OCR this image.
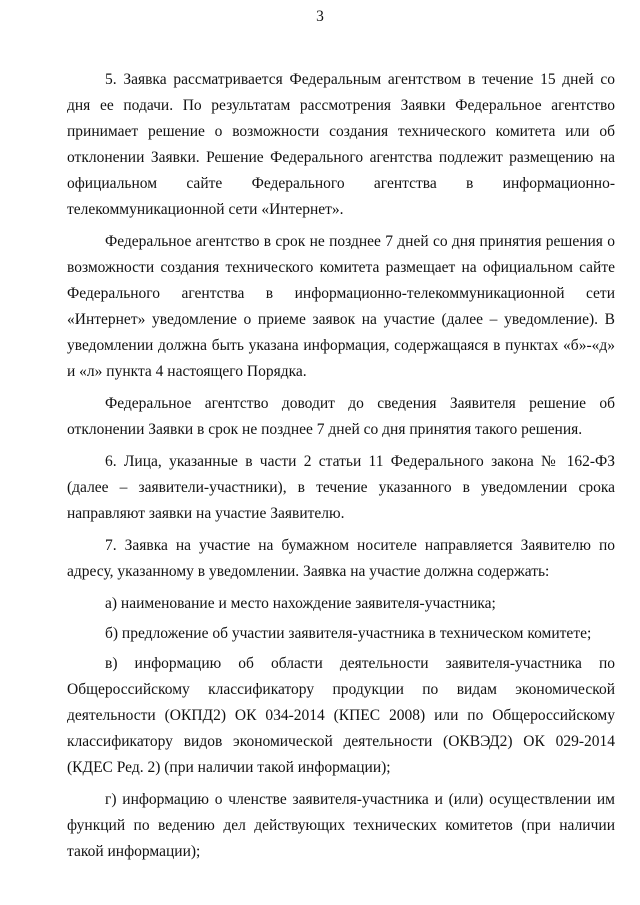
3

5. Заявка рассматривается Федеральным агентством в течение 15 дней со дня ее подачи. По результатам рассмотрения Заявки Федеральное агентство принимает решение о возможности создания технического комитета или об отклонении Заявки. Решение Федерального агентства подлежит размещению на официальном сайте Федерального агентства в информационно-телекоммуникационной сети «Интернет».

Федеральное агентство в срок не позднее 7 дней со дня принятия решения о возможности создания технического комитета размещает на официальном сайте Федерального агентства в информационно-телекоммуникационной сети «Интернет» уведомление о приеме заявок на участие (далее – уведомление). В уведомлении должна быть указана информация, содержащаяся в пунктах «б»-«д» и «л» пункта 4 настоящего Порядка.

Федеральное агентство доводит до сведения Заявителя решение об отклонении Заявки в срок не позднее 7 дней со дня принятия такого решения.

6. Лица, указанные в части 2 статьи 11 Федерального закона № 162-ФЗ (далее – заявители-участники), в течение указанного в уведомлении срока направляют заявки на участие Заявителю.

7. Заявка на участие на бумажном носителе направляется Заявителю по адресу, указанному в уведомлении. Заявка на участие должна содержать:

а) наименование и место нахождение заявителя-участника;

б) предложение об участии заявителя-участника в техническом комитете;

в) информацию об области деятельности заявителя-участника по Общероссийскому классификатору продукции по видам экономической деятельности (ОКПД2) ОК 034-2014 (КПЕС 2008) или по Общероссийскому классификатору видов экономической деятельности (ОКВЭД2) ОК 029-2014 (КДЕС Ред. 2) (при наличии такой информации);

г) информацию о членстве заявителя-участника и (или) осуществлении им функций по ведению дел действующих технических комитетов (при наличии такой информации);
